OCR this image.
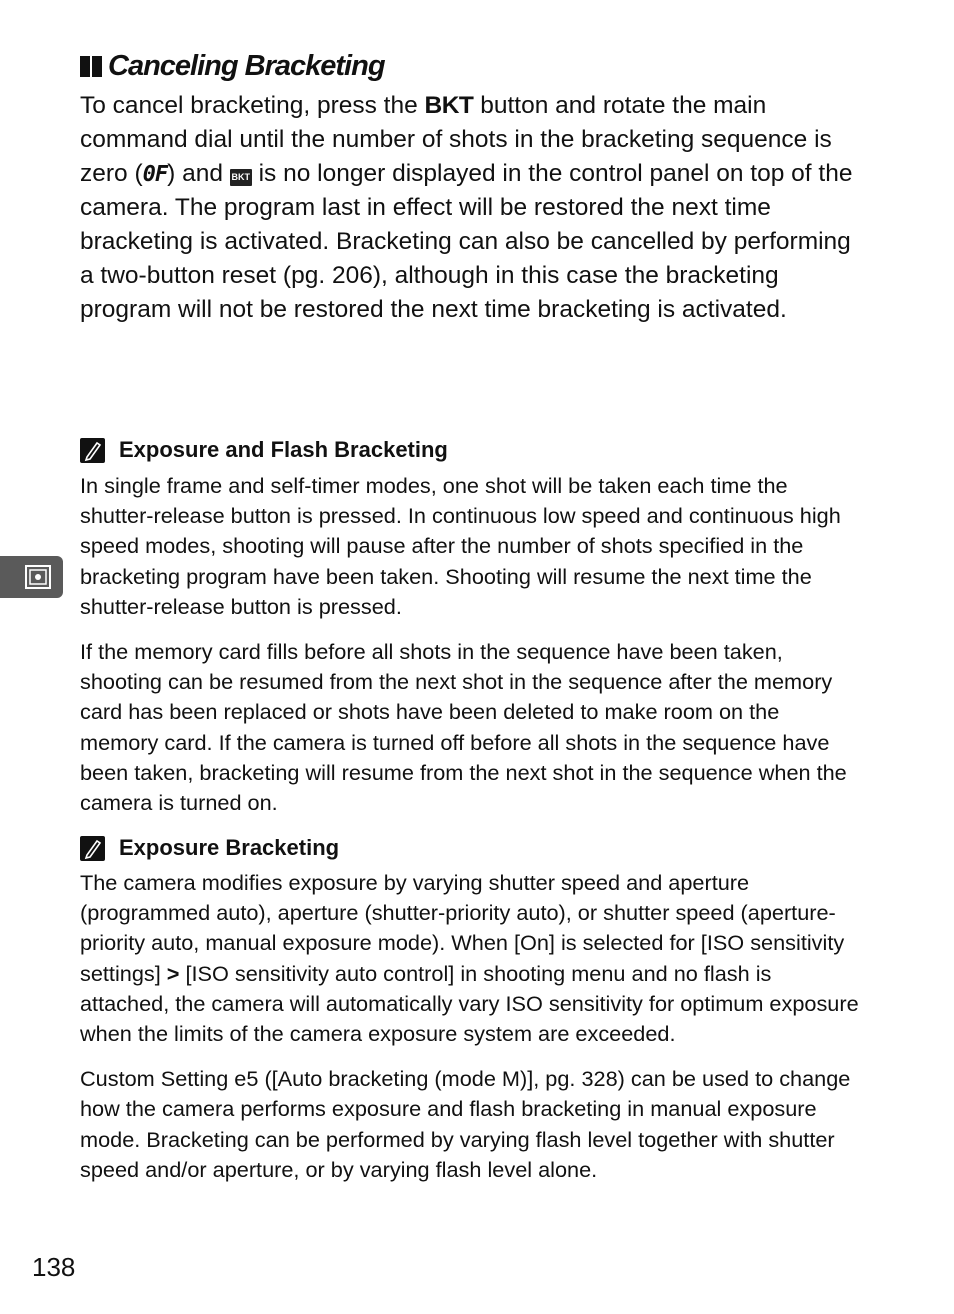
Canceling Bracketing
To cancel bracketing, press the BKT button and rotate the main command dial until the number of shots in the bracketing sequence is zero (0F) and BKT is no longer displayed in the control panel on top of the camera. The program last in effect will be restored the next time bracketing is activated. Bracketing can also be cancelled by performing a two-button reset (pg. 206), although in this case the bracketing program will not be restored the next time bracketing is activated.
Exposure and Flash Bracketing

In single frame and self-timer modes, one shot will be taken each time the shutter-release button is pressed. In continuous low speed and continuous high speed modes, shooting will pause after the number of shots specified in the bracketing program have been taken. Shooting will resume the next time the shutter-release button is pressed.

If the memory card fills before all shots in the sequence have been taken, shooting can be resumed from the next shot in the sequence after the memory card has been replaced or shots have been deleted to make room on the memory card. If the camera is turned off before all shots in the sequence have been taken, bracketing will resume from the next shot in the sequence when the camera is turned on.

Exposure Bracketing

The camera modifies exposure by varying shutter speed and aperture (programmed auto), aperture (shutter-priority auto), or shutter speed (aperture-priority auto, manual exposure mode). When [On] is selected for [ISO sensitivity settings] > [ISO sensitivity auto control] in shooting menu and no flash is attached, the camera will automatically vary ISO sensitivity for optimum exposure when the limits of the camera exposure system are exceeded.

Custom Setting e5 ([Auto bracketing (mode M)], pg. 328) can be used to change how the camera performs exposure and flash bracketing in manual exposure mode. Bracketing can be performed by varying flash level together with shutter speed and/or aperture, or by varying flash level alone.

138
